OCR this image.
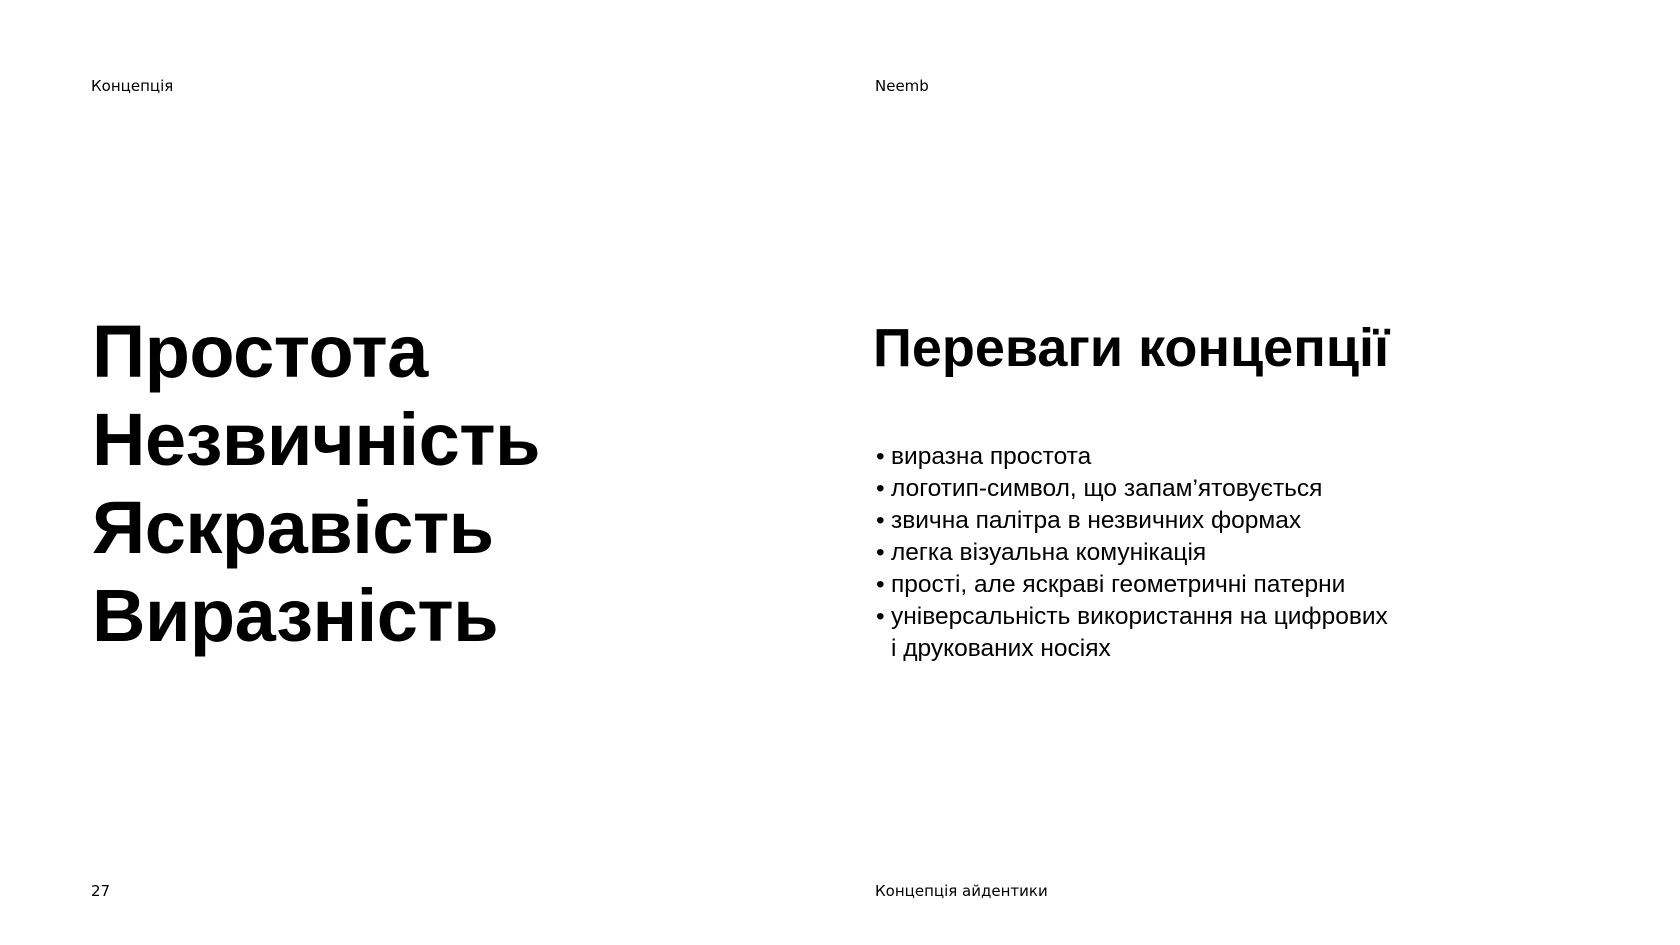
Концепція	Neemb
Простота
Незвичність
Яскравість
Виразність
Переваги концепції
• виразна простота
• логотип-символ, що запам’ятовується
• звична палітра в незвичних формах
• легка візуальна комунікація
• прості, але яскраві геометричні патерни
• універсальність використання на цифрових
і друкованих носіях
27	Концепція айдентики
